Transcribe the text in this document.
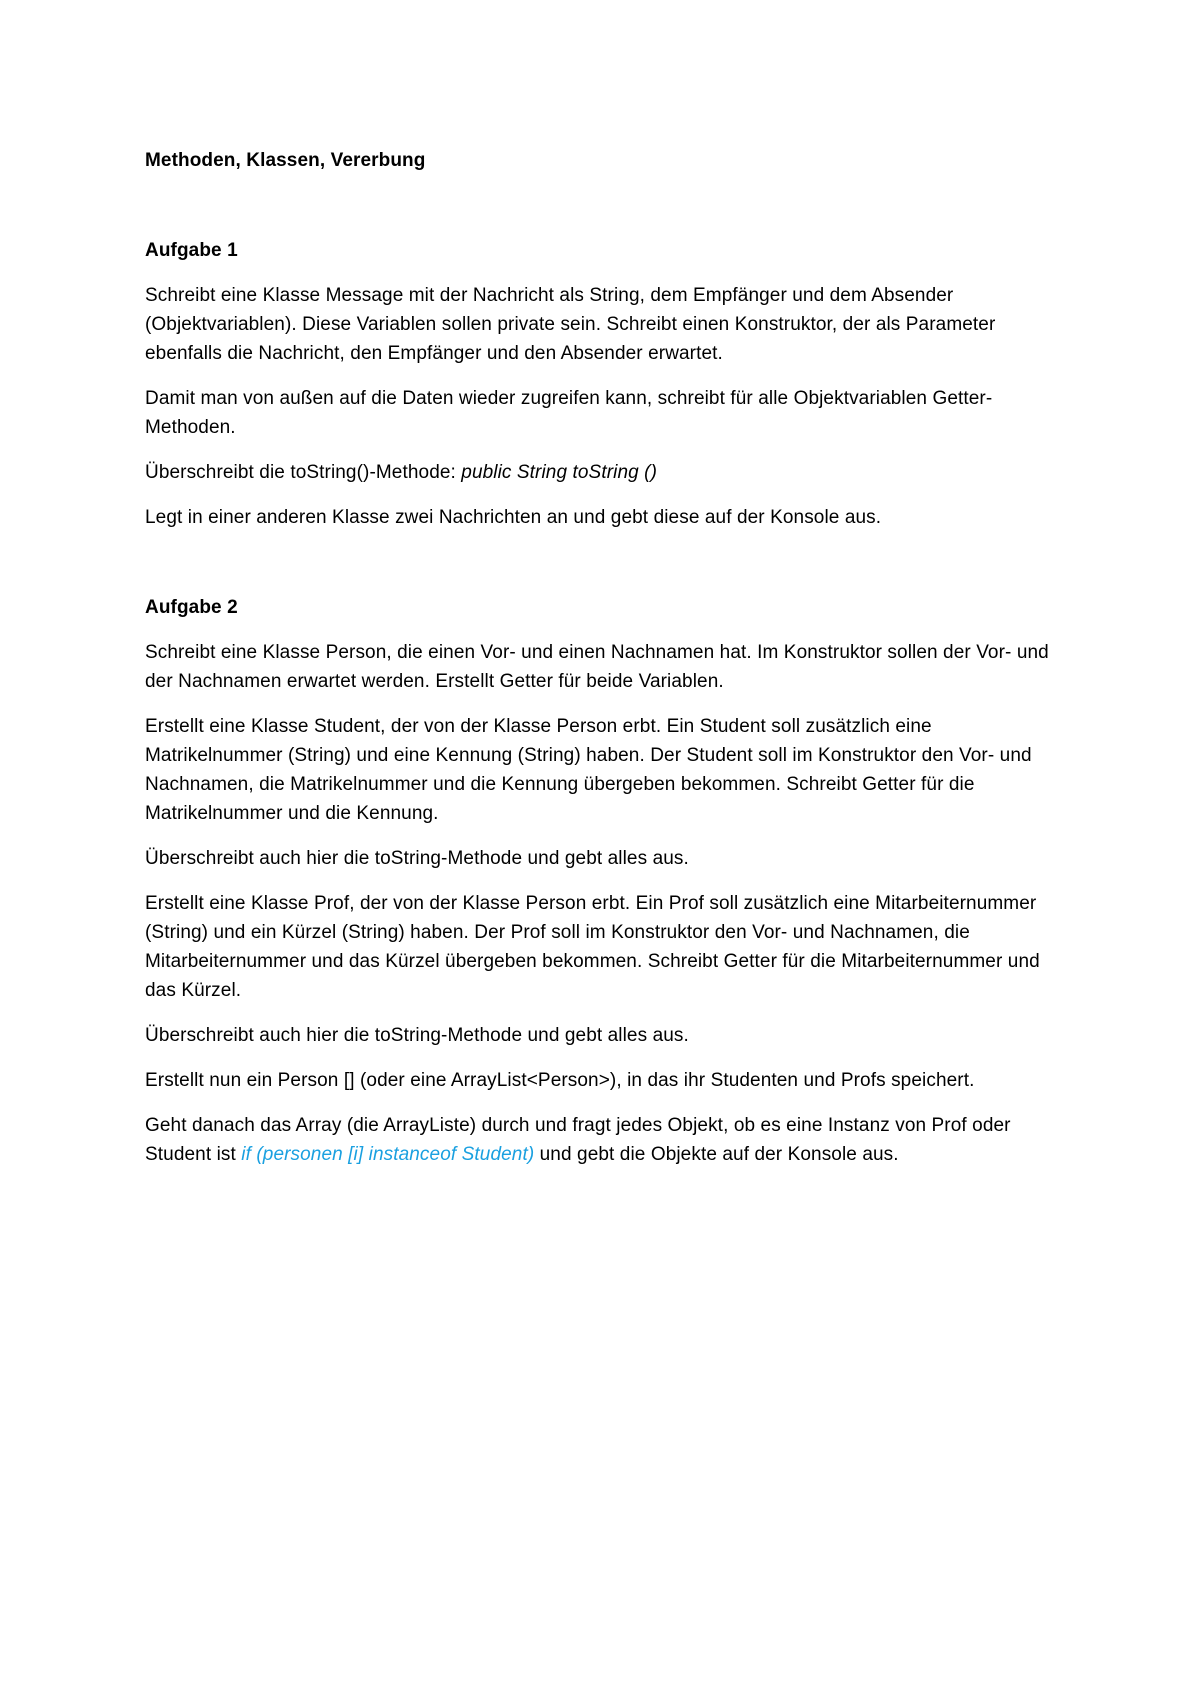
Methoden, Klassen, Vererbung
Aufgabe 1

Schreibt eine Klasse Message mit der Nachricht als String, dem Empfänger und dem Absender (Objektvariablen). Diese Variablen sollen private sein. Schreibt einen Konstruktor, der als Parameter ebenfalls die Nachricht, den Empfänger und den Absender erwartet.

Damit man von außen auf die Daten wieder zugreifen kann, schreibt für alle Objektvariablen Getter-Methoden.

Überschreibt die toString()-Methode: public String toString ()

Legt in einer anderen Klasse zwei Nachrichten an und gebt diese auf der Konsole aus.

Aufgabe 2

Schreibt eine Klasse Person, die einen Vor- und einen Nachnamen hat. Im Konstruktor sollen der Vor- und der Nachnamen erwartet werden. Erstellt Getter für beide Variablen.

Erstellt eine Klasse Student, der von der Klasse Person erbt. Ein Student soll zusätzlich eine Matrikelnummer (String) und eine Kennung (String) haben. Der Student soll im Konstruktor den Vor- und Nachnamen, die Matrikelnummer und die Kennung übergeben bekommen. Schreibt Getter für die Matrikelnummer und die Kennung.

Überschreibt auch hier die toString-Methode und gebt alles aus.

Erstellt eine Klasse Prof, der von der Klasse Person erbt. Ein Prof soll zusätzlich eine Mitarbeiternummer (String) und ein Kürzel (String) haben. Der Prof soll im Konstruktor den Vor- und Nachnamen, die Mitarbeiternummer und das Kürzel übergeben bekommen. Schreibt Getter für die Mitarbeiternummer und das Kürzel.

Überschreibt auch hier die toString-Methode und gebt alles aus.

Erstellt nun ein Person [] (oder eine ArrayList<Person>), in das ihr Studenten und Profs speichert.

Geht danach das Array (die ArrayListe) durch und fragt jedes Objekt, ob es eine Instanz von Prof oder Student ist if (personen [i] instanceof Student) und gebt die Objekte auf der Konsole aus.
